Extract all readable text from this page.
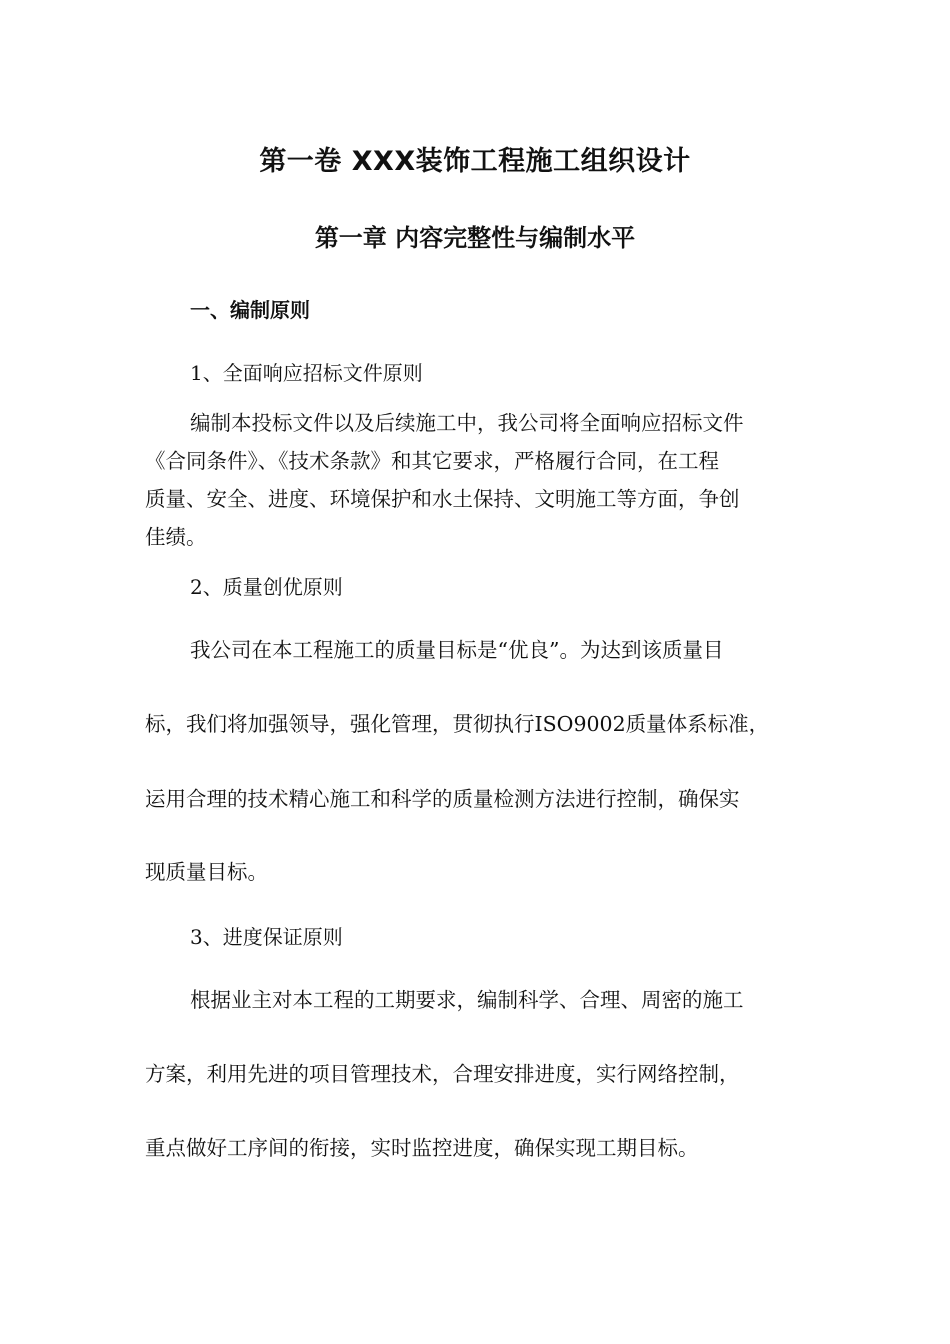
第一卷 XXX装饰工程施工组织设计
第一章 内容完整性与编制水平
一、编制原则
1、全面响应招标文件原则
编制本投标文件以及后续施工中，我公司将全面响应招标文件
《合同条件》、《技术条款》和其它要求，严格履行合同，在工程
质量、安全、进度、环境保护和水土保持、文明施工等方面，争创
佳绩。
2、质量创优原则
我公司在本工程施工的质量目标是“优良”。为达到该质量目
标，我们将加强领导，强化管理，贯彻执行ISO9002质量体系标准，
运用合理的技术精心施工和科学的质量检测方法进行控制，确保实
现质量目标。
3、进度保证原则
根据业主对本工程的工期要求，编制科学、合理、周密的施工
方案，利用先进的项目管理技术，合理安排进度，实行网络控制，
重点做好工序间的衔接，实时监控进度，确保实现工期目标。
